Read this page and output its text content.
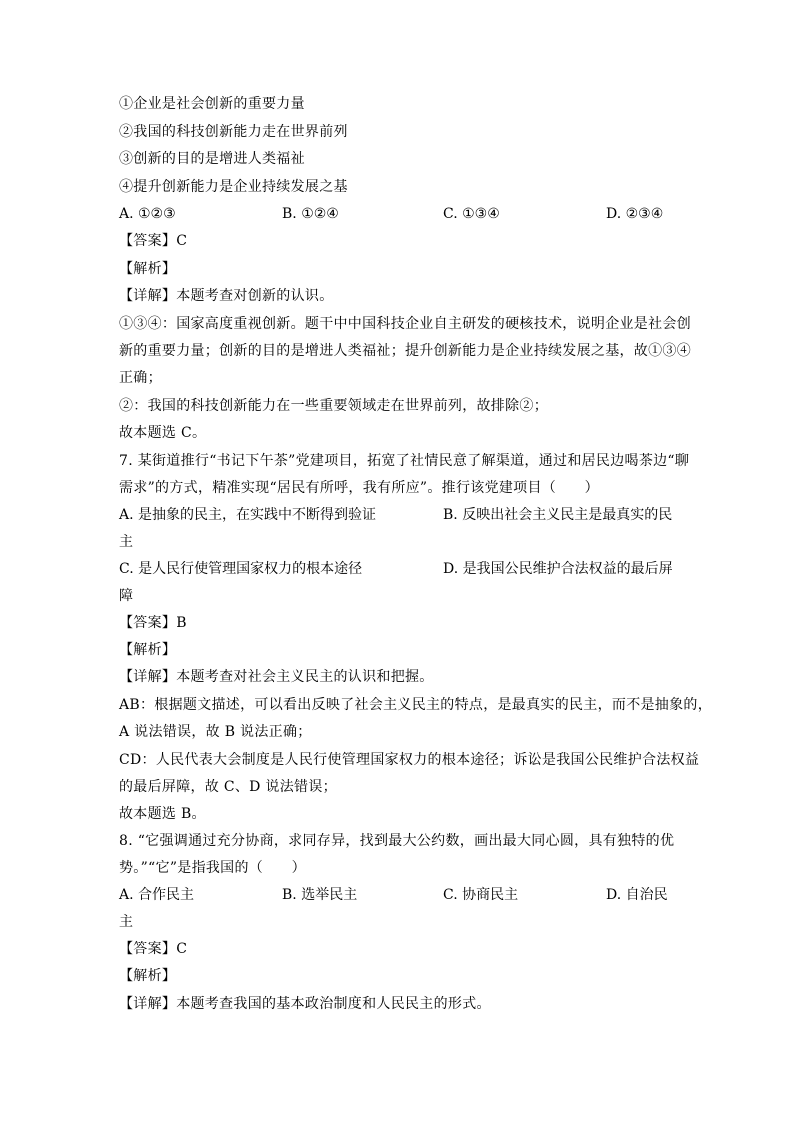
①企业是社会创新的重要力量
②我国的科技创新能力走在世界前列
③创新的目的是增进人类福祉
④提升创新能力是企业持续发展之基
A. ①②③	B. ①②④	C. ①③④	D. ②③④
【答案】C
【解析】
【详解】本题考查对创新的认识。
①③④：国家高度重视创新。题干中中国科技企业自主研发的硬核技术，说明企业是社会创
新的重要力量；创新的目的是增进人类福祉；提升创新能力是企业持续发展之基，故①③④
正确；
②：我国的科技创新能力在一些重要领域走在世界前列，故排除②；
故本题选 C。
7. 某街道推行“书记下午茶”党建项目，拓宽了社情民意了解渠道，通过和居民边喝茶边“聊
需求”的方式，精准实现“居民有所呼，我有所应”。推行该党建项目（　　）
A. 是抽象的民主，在实践中不断得到验证	B. 反映出社会主义民主是最真实的民
主
C. 是人民行使管理国家权力的根本途径	D. 是我国公民维护合法权益的最后屏
障
【答案】B
【解析】
【详解】本题考查对社会主义民主的认识和把握。
AB：根据题文描述，可以看出反映了社会主义民主的特点，是最真实的民主，而不是抽象的，
A 说法错误，故 B 说法正确；
CD：人民代表大会制度是人民行使管理国家权力的根本途径；诉讼是我国公民维护合法权益
的最后屏障，故 C、D 说法错误；
故本题选 B。
8. “它强调通过充分协商，求同存异，找到最大公约数，画出最大同心圆，具有独特的优
势。”“它”是指我国的（　　）
A. 合作民主	B. 选举民主	C. 协商民主	D. 自治民
主
【答案】C
【解析】
【详解】本题考查我国的基本政治制度和人民民主的形式。
